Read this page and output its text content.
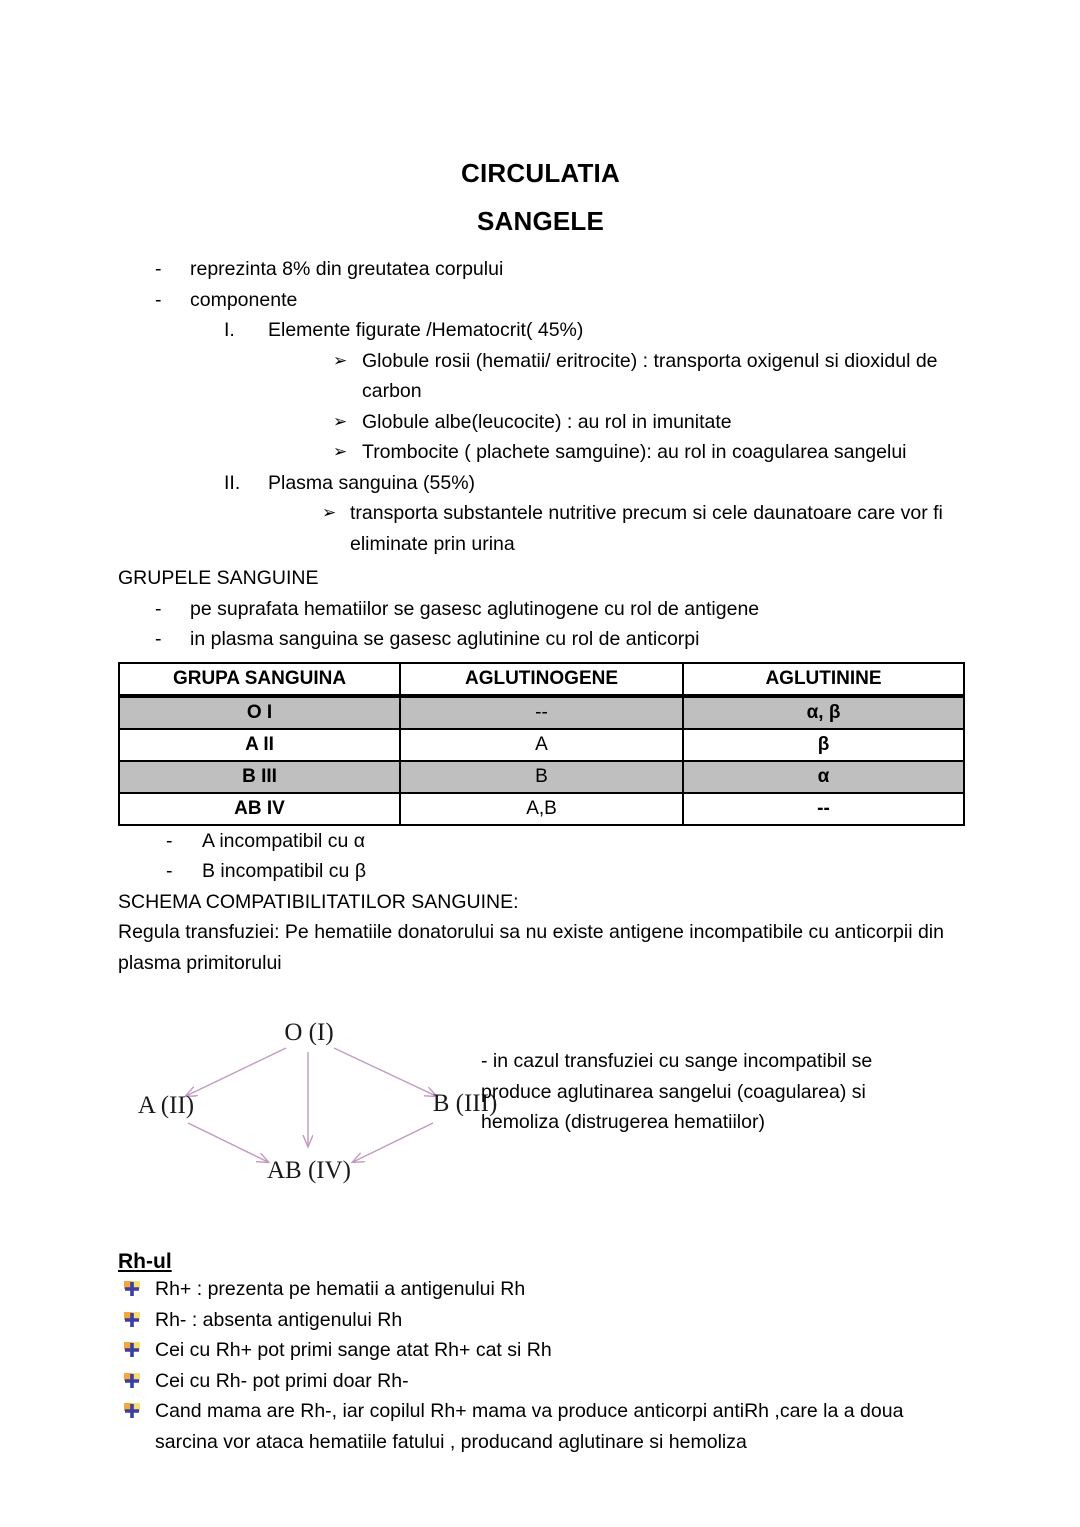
CIRCULATIA
SANGELE
- reprezinta 8% din greutatea corpului
- componente
I.	Elemente figurate /Hematocrit( 45%)
➢ Globule rosii (hematii/ eritrocite) : transporta oxigenul si dioxidul de carbon
➢ Globule albe(leucocite) : au rol in imunitate
➢ Trombocite ( plachete samguine): au rol in coagularea sangelui
II.	Plasma sanguina (55%)
➢ transporta substantele nutritive precum si cele daunatoare care vor fi eliminate prin urina
GRUPELE SANGUINE
- pe suprafata hematiilor se gasesc aglutinogene cu rol de antigene
- in plasma sanguina se gasesc aglutinine cu rol de anticorpi
GRUPA SANGUINA	AGLUTINOGENE	AGLUTININE
O I	--	α, β
A II	A	β
B III	B	α
AB IV	A,B	--
- A incompatibil cu α
- B incompatibil cu β
SCHEMA COMPATIBILITATILOR SANGUINE:
Regula transfuziei: Pe hematiile donatorului sa nu existe antigene incompatibile cu anticorpii din plasma primitorului
O (I)
A (II)	B (III)
AB (IV)
- in cazul transfuziei cu sange incompatibil se produce aglutinarea sangelui (coagularea) si hemoliza (distrugerea hematiilor)
Rh-ul
Rh+ : prezenta pe hematii a antigenului Rh
Rh- : absenta antigenului Rh
Cei cu Rh+ pot primi sange atat Rh+ cat si Rh
Cei cu Rh- pot primi doar Rh-
Cand mama are Rh-, iar copilul Rh+ mama va produce anticorpi antiRh ,care la a doua sarcina vor ataca hematiile fatului , producand aglutinare si hemoliza
